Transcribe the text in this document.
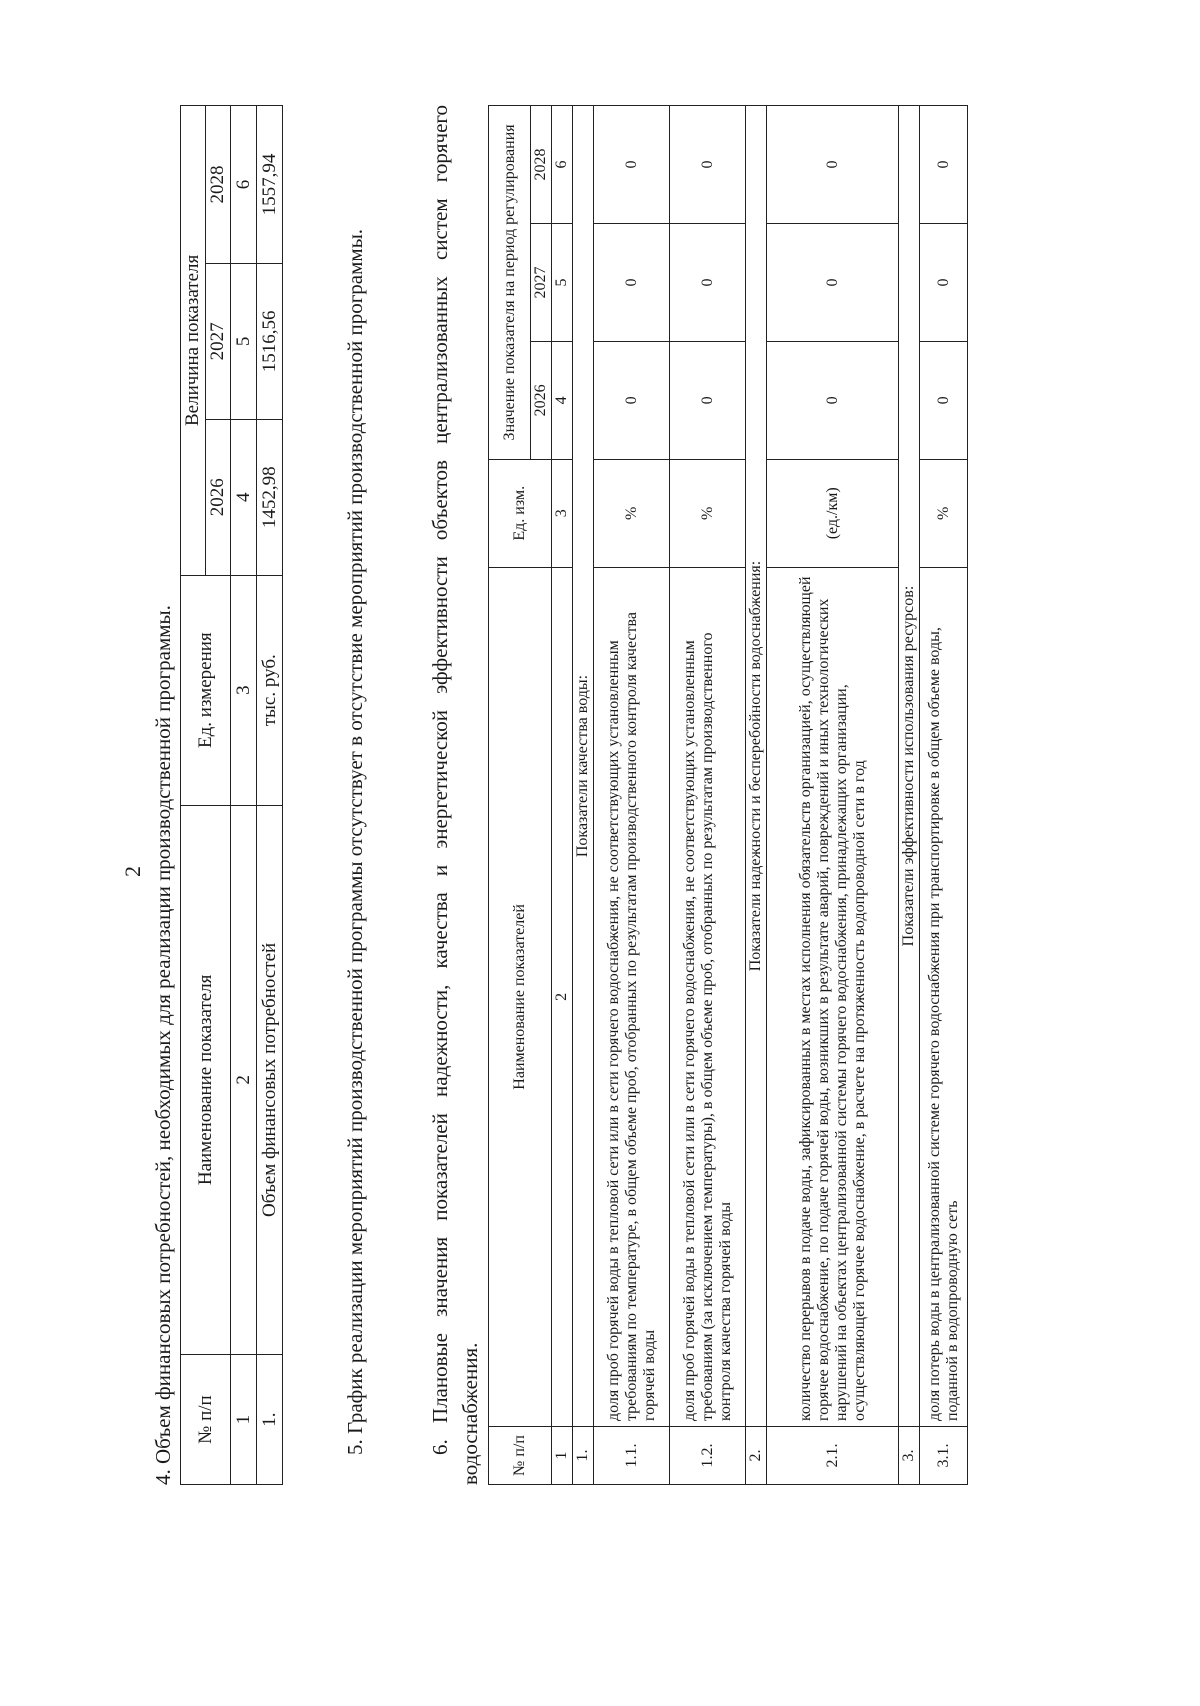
2 4. Объем финансовых потребностей, необходимых для реализации производственной программы. № п/п	Наименование показателя	Ед. измерения	Величина показателя		
			2026	2027	2028
1	2	3	4	5	6
1.	Объем финансовых потребностей	тыс. руб.	1452,98	1516,56	1557,94
5. График реализации мероприятий производственной программы отсутствует в отсутствие мероприятий производственной программы.	6. Плановые значения показателей надежности, качества и энергетической эффективности объектов централизованных систем горячего водоснабжения. № п/п	Наименование показателей	Ед. изм.	Значение показателя на период регулирования		

			2026	2027	2028
1	2	3	4	5	6
1.	Показатели качества воды:				
1.1.	доля проб горячей воды в тепловой сети или в сети горячего водоснабжения, не соответствующих установленным требованиям по температуре, в общем объеме проб, отобранных по результатам производственного контроля качества горячей воды	%	0	0	0
1.2.	доля проб горячей воды в тепловой сети или в сети горячего водоснабжения, не соответствующих установленным требованиям (за исключением температуры), в общем объеме проб, отобранных по результатам производственного контроля качества горячей воды	%	0	0	0
2.	Показатели надежности и бесперебойности водоснабжения:				
2.1.	количество перерывов в подаче воды, зафиксированных в местах исполнения обязательств организацией, осуществляющей горячее водоснабжение, по подаче горячей воды, возникших в результате аварий, повреждений и иных технологических нарушений на объектах централизованной системы горячего водоснабжения, принадлежащих организации, осуществляющей горячее водоснабжение, в расчете на протяженность водопроводной сети в год	(ед./км)	0	0	0
3.	Показатели эффективности использования ресурсов:				
3.1.	доля потерь воды в централизованной системе горячего водоснабжения при транспортировке в общем объеме воды, поданной в водопроводную сеть	%	0	0	0
